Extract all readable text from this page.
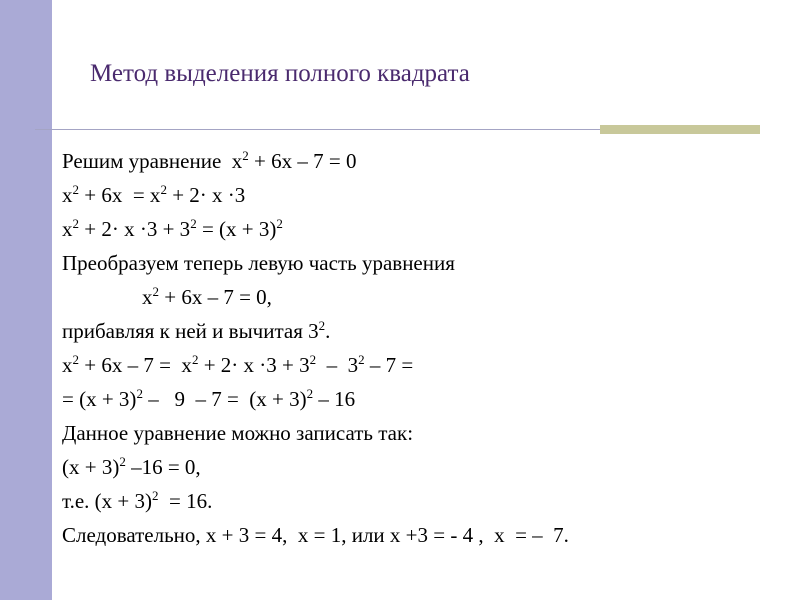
Метод выделения полного квадрата
Решим уравнение  $x^2 + 6x - 7 = 0$
$x^2 + 6x = x^2 + 2\cdot x \cdot 3$
$x^2 + 2\cdot x \cdot 3 + 3^2 = (x + 3)^2$
Преобразуем теперь левую часть уравнения
$x^2 + 6x - 7 = 0$,
прибавляя к ней и вычитая $3^2$.
$x^2 + 6x - 7 = x^2 + 2\cdot x \cdot 3 + 3^2 - 3^2 - 7$ =
= $(x + 3)^2 - 9 - 7 = (x + 3)^2 - 16$
Данное уравнение можно записать так:
$(x + 3)^2$ –16 = 0,
т.е. $(x + 3)^2 = 16$.
Следовательно, x + 3 = 4,  x = 1, или x +3 = - 4 ,  x  = –  7.
